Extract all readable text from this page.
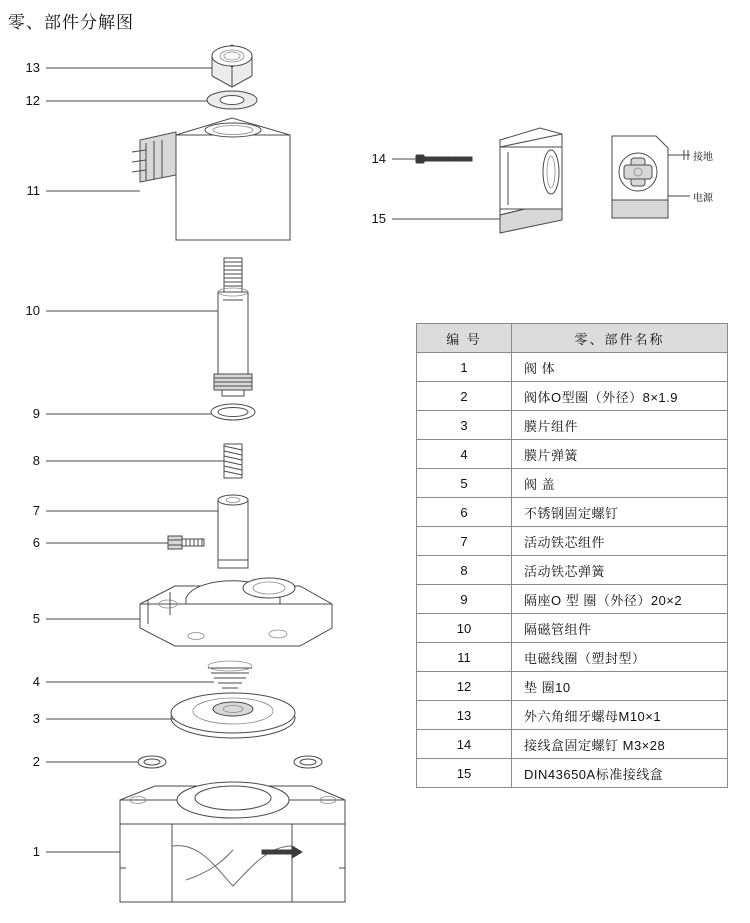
零、部件分解图
13
12
11
10
9
8
7
6
5
4
3
2
1
14
15
接地
电源
编 号	零、部件名称
1	阀 体
2	阀体O型圈（外径）8×1.9
3	膜片组件
4	膜片弹簧
5	阀 盖
6	不锈钢固定螺钉
7	活动铁芯组件
8	活动铁芯弹簧
9	隔座O 型 圈（外径）20×2
10	隔磁管组件
11	电磁线圈（塑封型）
12	垫 圈10
13	外六角细牙螺母M10×1
14	接线盒固定螺钉 M3×28
15	DIN43650A标准接线盒
